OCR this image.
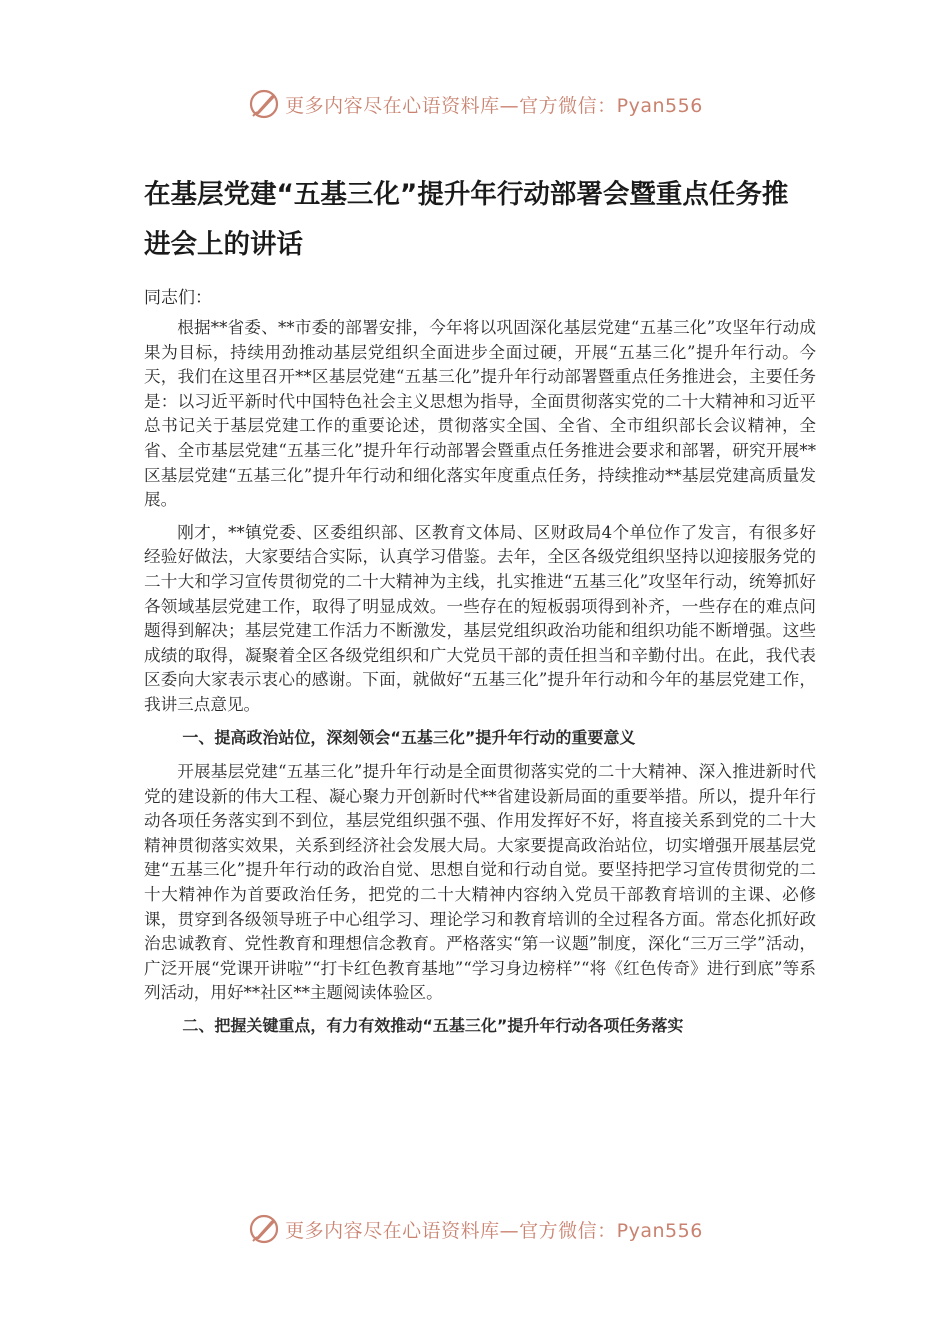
更多内容尽在心语资料库—官方微信：Pyan556
在基层党建“五基三化”提升年行动部署会暨重点任务推进会上的讲话

同志们：

根据**省委、**市委的部署安排，今年将以巩固深化基层党建“五基三化”攻坚年行动成果为目标，持续用劲推动基层党组织全面进步全面过硬，开展“五基三化”提升年行动。今天，我们在这里召开**区基层党建“五基三化”提升年行动部署暨重点任务推进会，主要任务是：以习近平新时代中国特色社会主义思想为指导，全面贯彻落实党的二十大精神和习近平总书记关于基层党建工作的重要论述，贯彻落实全国、全省、全市组织部长会议精神，全省、全市基层党建“五基三化”提升年行动部署会暨重点任务推进会要求和部署，研究开展**区基层党建“五基三化”提升年行动和细化落实年度重点任务，持续推动**基层党建高质量发展。

刚才，**镇党委、区委组织部、区教育文体局、区财政局4个单位作了发言，有很多好经验好做法，大家要结合实际，认真学习借鉴。去年，全区各级党组织坚持以迎接服务党的二十大和学习宣传贯彻党的二十大精神为主线，扎实推进“五基三化”攻坚年行动，统筹抓好各领域基层党建工作，取得了明显成效。一些存在的短板弱项得到补齐，一些存在的难点问题得到解决；基层党建工作活力不断激发，基层党组织政治功能和组织功能不断增强。这些成绩的取得，凝聚着全区各级党组织和广大党员干部的责任担当和辛勤付出。在此，我代表区委向大家表示衷心的感谢。下面，就做好“五基三化”提升年行动和今年的基层党建工作，我讲三点意见。

一、提高政治站位，深刻领会“五基三化”提升年行动的重要意义

开展基层党建“五基三化”提升年行动是全面贯彻落实党的二十大精神、深入推进新时代党的建设新的伟大工程、凝心聚力开创新时代**省建设新局面的重要举措。所以，提升年行动各项任务落实到不到位，基层党组织强不强、作用发挥好不好，将直接关系到党的二十大精神贯彻落实效果，关系到经济社会发展大局。大家要提高政治站位，切实增强开展基层党建“五基三化”提升年行动的政治自觉、思想自觉和行动自觉。要坚持把学习宣传贯彻党的二十大精神作为首要政治任务，把党的二十大精神内容纳入党员干部教育培训的主课、必修课，贯穿到各级领导班子中心组学习、理论学习和教育培训的全过程各方面。常态化抓好政治忠诚教育、党性教育和理想信念教育。严格落实“第一议题”制度，深化“三万三学”活动，广泛开展“党课开讲啦”“打卡红色教育基地”“学习身边榜样”“将《红色传奇》进行到底”等系列活动，用好**社区**主题阅读体验区。

二、把握关键重点，有力有效推动“五基三化”提升年行动各项任务落实

更多内容尽在心语资料库—官方微信：Pyan556
